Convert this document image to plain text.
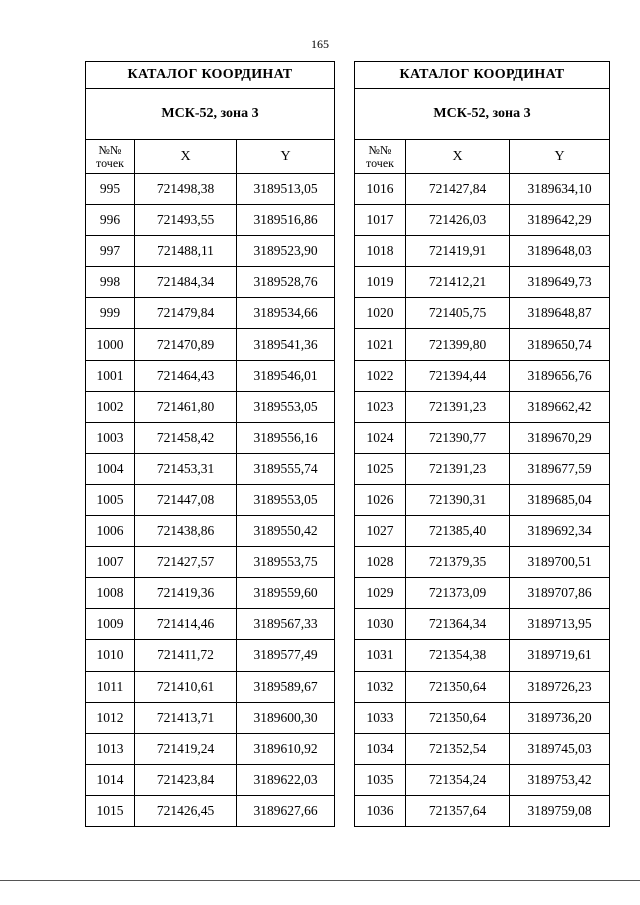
165
КАТАЛОГ КООРДИНАТ		
МСК-52, зона 3		
№№
точек	X	Y
995	721498,38	3189513,05
996	721493,55	3189516,86
997	721488,11	3189523,90
998	721484,34	3189528,76
999	721479,84	3189534,66
1000	721470,89	3189541,36
1001	721464,43	3189546,01
1002	721461,80	3189553,05
1003	721458,42	3189556,16
1004	721453,31	3189555,74
1005	721447,08	3189553,05
1006	721438,86	3189550,42
1007	721427,57	3189553,75
1008	721419,36	3189559,60
1009	721414,46	3189567,33
1010	721411,72	3189577,49
1011	721410,61	3189589,67
1012	721413,71	3189600,30
1013	721419,24	3189610,92
1014	721423,84	3189622,03
1015	721426,45	3189627,66
КАТАЛОГ КООРДИНАТ		
МСК-52, зона 3		
№№
точек	X	Y
1016	721427,84	3189634,10
1017	721426,03	3189642,29
1018	721419,91	3189648,03
1019	721412,21	3189649,73
1020	721405,75	3189648,87
1021	721399,80	3189650,74
1022	721394,44	3189656,76
1023	721391,23	3189662,42
1024	721390,77	3189670,29
1025	721391,23	3189677,59
1026	721390,31	3189685,04
1027	721385,40	3189692,34
1028	721379,35	3189700,51
1029	721373,09	3189707,86
1030	721364,34	3189713,95
1031	721354,38	3189719,61
1032	721350,64	3189726,23
1033	721350,64	3189736,20
1034	721352,54	3189745,03
1035	721354,24	3189753,42
1036	721357,64	3189759,08
